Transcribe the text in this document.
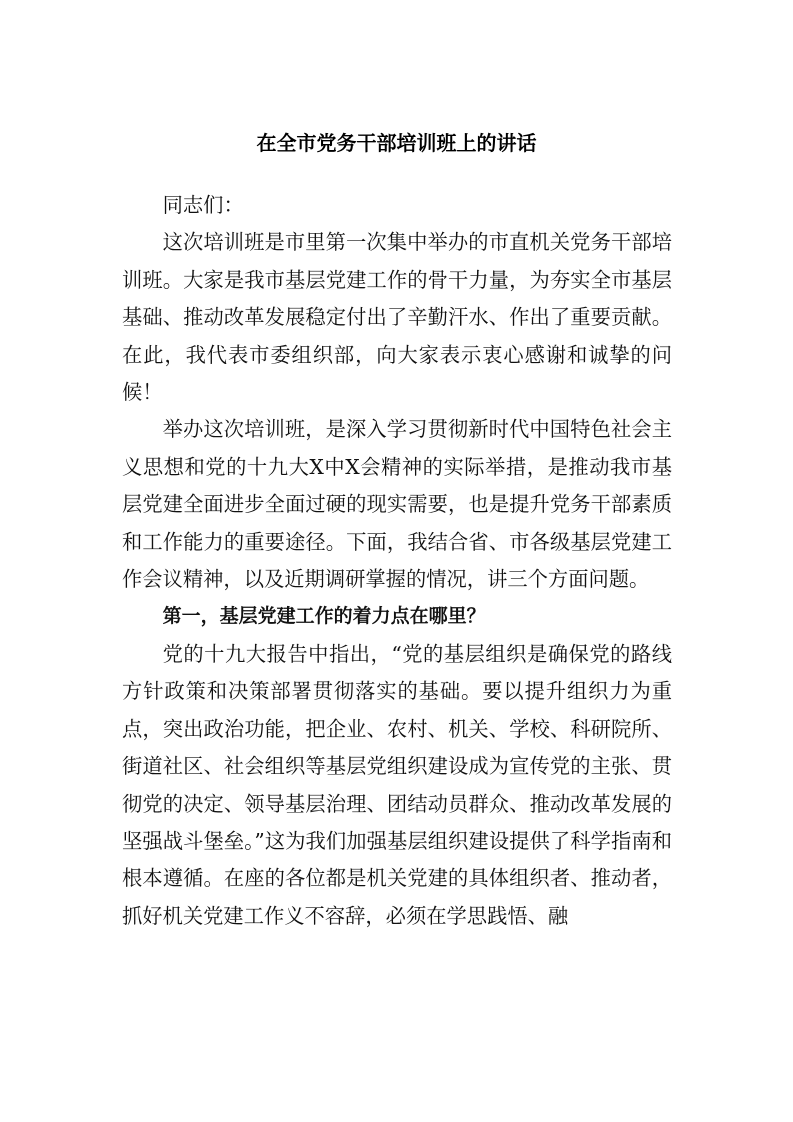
在全市党务干部培训班上的讲话

同志们：

这次培训班是市里第一次集中举办的市直机关党务干部培训班。大家是我市基层党建工作的骨干力量，为夯实全市基层基础、推动改革发展稳定付出了辛勤汗水、作出了重要贡献。在此，我代表市委组织部，向大家表示衷心感谢和诚挚的问候！

举办这次培训班，是深入学习贯彻新时代中国特色社会主义思想和党的十九大X中X会精神的实际举措，是推动我市基层党建全面进步全面过硬的现实需要，也是提升党务干部素质和工作能力的重要途径。下面，我结合省、市各级基层党建工作会议精神，以及近期调研掌握的情况，讲三个方面问题。

第一，基层党建工作的着力点在哪里？

党的十九大报告中指出，“党的基层组织是确保党的路线方针政策和决策部署贯彻落实的基础。要以提升组织力为重点，突出政治功能，把企业、农村、机关、学校、科研院所、街道社区、社会组织等基层党组织建设成为宣传党的主张、贯彻党的决定、领导基层治理、团结动员群众、推动改革发展的坚强战斗堡垒。”这为我们加强基层组织建设提供了科学指南和根本遵循。在座的各位都是机关党建的具体组织者、推动者，抓好机关党建工作义不容辞，必须在学思践悟、融
